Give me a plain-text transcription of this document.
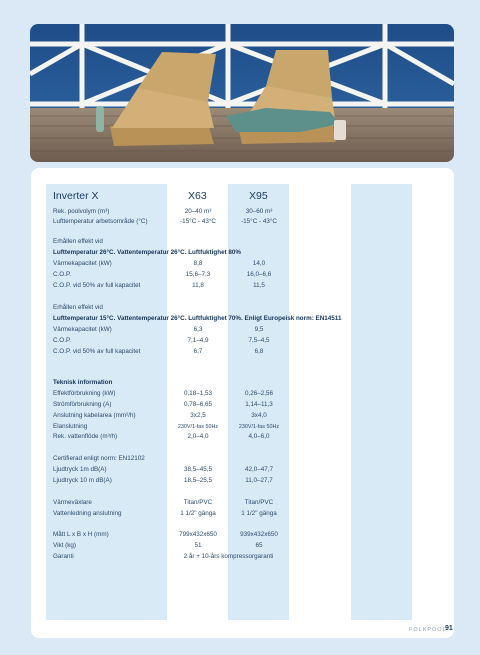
Inverter X	X63	X95
Rek. poolvolym (m³)	20–40 m³	30–60 m³
Lufttemperatur arbetsområde (°C)	-15°C - 43°C	-15°C - 43°C
Erhållen effekt vid
Lufttemperatur 26°C. Vattentemperatur 26°C. Luftfuktighet 80%
Värmekapacitet (kW)	8,8	14,0
C.O.P.	15,6–7,3	16,0–6,6
C.O.P. vid 50% av full kapacitet	11,8	11,5
Erhållen effekt vid
Lufttemperatur 15°C. Vattentemperatur 26°C. Luftfuktighet 70%. Enligt Europeisk norm: EN14511
Värmekapacitet (kW)	6,3	9,5
C.O.P.	7,1–4,9	7,5–4,5
C.O.P. vid 50% av full kapacitet	6,7	6,8
Teknisk information
Effektförbrukning (kW)	0,18–1,53	0,26–2,56
Strömförbrukning (A)	0,78–6,65	1,14–11,3
Anslutning kabelarea (mm²/h)	3x2,5	3x4,0
Elanslutning	230V/1-fas 50Hz	230V/1-fas 50Hz
Rek. vattenflöde (m³/h)	2,0–4,0	4,0–6,0
Certifierad enligt norm: EN12102
Ljudtryck 1m dB(A)	38,5–45,5	42,0–47,7
Ljudtryck 10 m dB(A)	18,5–25,5	11,0–27,7
Värmeväxlare	Titan/PVC	Titan/PVC
Vattenledning anslutning	1 1/2" gänga	1 1/2" gänga
Mått L x B x H (mm)	799x432x650	939x432x650
Vikt (kg)	51	65
Garanti	2 år + 10-års kompressorgaranti
FOLKPOOL
91
